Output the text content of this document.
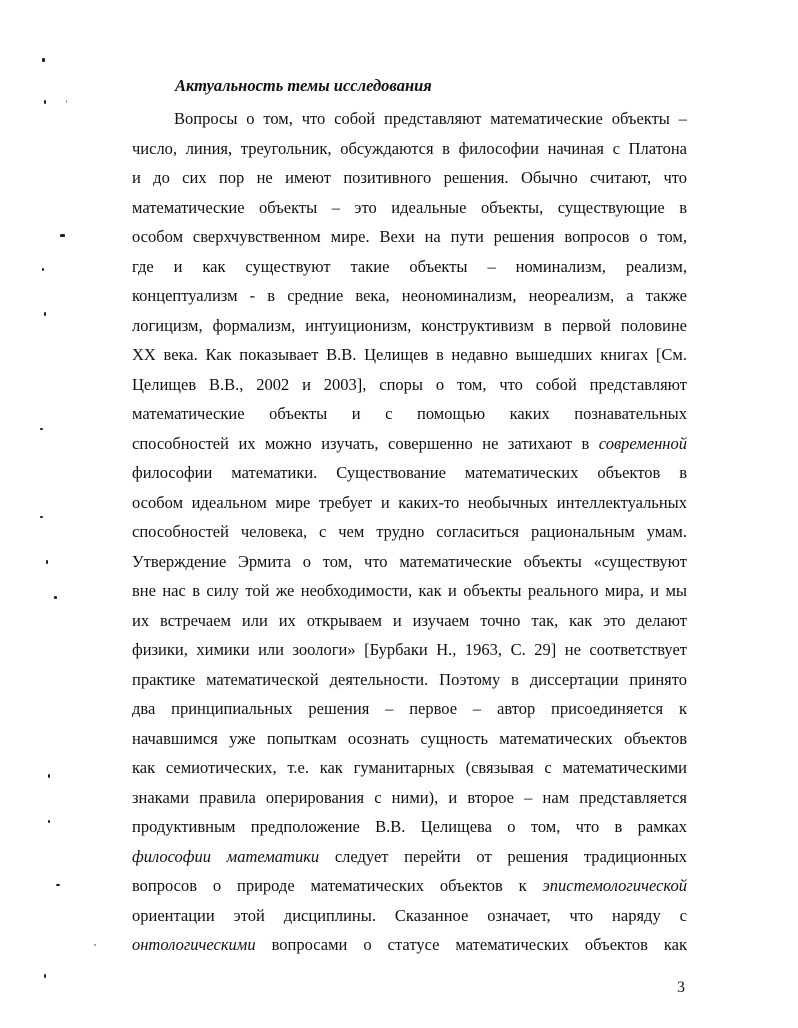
Актуальность темы исследования
Вопросы о том, что собой представляют математические объекты –
число, линия, треугольник, обсуждаются в философии начиная с Платона
и до сих пор не имеют позитивного решения. Обычно считают, что
математические объекты – это идеальные объекты, существующие в
особом сверхчувственном мире. Вехи на пути решения вопросов о том,
где и как существуют такие объекты – номинализм, реализм,
концептуализм - в средние века, неономинализм, неореализм, а также
логицизм, формализм, интуиционизм, конструктивизм в первой половине
XX века. Как показывает В.В. Целищев в недавно вышедших книгах [См.
Целищев В.В., 2002 и 2003], споры о том, что собой представляют
математические объекты и с помощью каких познавательных
способностей их можно изучать, совершенно не затихают в современной
философии математики. Существование математических объектов в
особом идеальном мире требует и каких-то необычных интеллектуальных
способностей человека, с чем трудно согласиться рациональным умам.
Утверждение Эрмита о том, что математические объекты «существуют
вне нас в силу той же необходимости, как и объекты реального мира, и мы
их встречаем или их открываем и изучаем точно так, как это делают
физики, химики или зоологи» [Бурбаки Н., 1963, С. 29] не соответствует
практике математической деятельности. Поэтому в диссертации принято
два принципиальных решения – первое – автор присоединяется к
начавшимся уже попыткам осознать сущность математических объектов
как семиотических, т.е. как гуманитарных (связывая с математическими
знаками правила оперирования с ними), и второе – нам представляется
продуктивным предположение В.В. Целищева о том, что в рамках
философии математики следует перейти от решения традиционных
вопросов о природе математических объектов к эпистемологической
ориентации этой дисциплины. Сказанное означает, что наряду с
онтологическими вопросами о статусе математических объектов как
3
